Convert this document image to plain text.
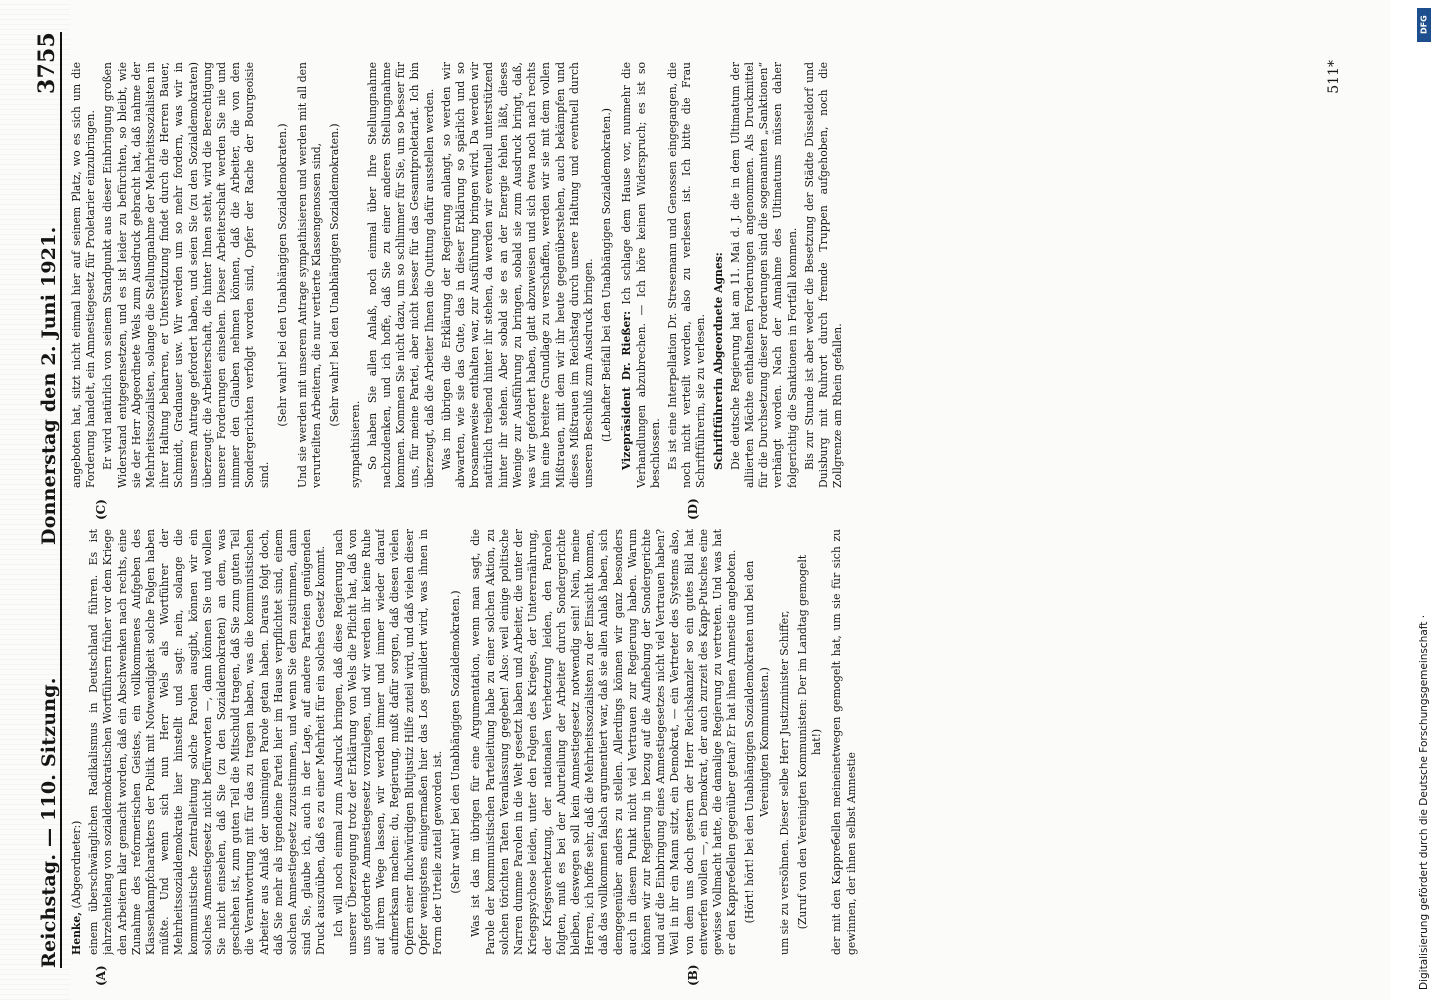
Reichstag. — 110. Sitzung.
Donnerstag den 2. Juni 1921.
3755
(A)	(B)
(C)	(D)

Henke, (Abgeordneter:) einem überschwänglichen Radikalismus in Deutschland führen. Es ist jahrzehntelang von sozialdemokratischen Wortführern früher vor dem Kriege den Arbeitern klar gemacht worden, daß ein Abschwenken nach rechts, eine Zunahme des reformerischen Geistes, ein vollkommenes Aufgeben des Klassenkampfcharakters der Politik mit Notwendigkeit solche Folgen haben müßte. Und wenn sich nun Herr Wels als Wortführer der Mehrheitssozialdemokratie hier hinstellt und sagt: nein, solange die kommunistische Zentralleitung solche Parolen ausgibt, können wir ein solches Amnestiegesetz nicht befürworten —, dann können Sie und wollen Sie nicht einsehen, daß Sie (zu den Sozialdemokraten) an dem, was geschehen ist, zum guten Teil die Mitschuld tragen, daß Sie zum guten Teil die Verantwortung mit für das zu tragen haben, was die kommunistischen Arbeiter aus Anlaß der unsinnigen Parole getan haben. Daraus folgt doch, daß Sie mehr als irgendeine Partei hier im Hause verpflichtet sind, einem solchen Amnestiegesetz zuzustimmen, und wenn Sie dem zustimmen, dann sind Sie, glaube ich, auch in der Lage, auf andere Parteien genügenden Druck auszuüben, daß es zu einer Mehrheit für ein solches Gesetz kommt. Ich will noch einmal zum Ausdruck bringen, daß diese Regierung nach unserer Überzeugung trotz der Erklärung von Wels die Pflicht hat, daß von uns geforderte Amnestiegesetz vorzulegen, und wir werden ihr keine Ruhe auf ihrem Wege lassen, wir werden immer und immer wieder darauf aufmerksam machen: du, Regierung, mußt dafür sorgen, daß diesen vielen Opfern einer fluchwürdigen Blutjustiz Hilfe zuteil wird, und daß vielen dieser Opfer wenigstens einigermaßen hier das Los gemildert wird, was ihnen in Form der Urteile zuteil geworden ist. (Sehr wahr! bei den Unabhängigen Sozialdemokraten.) Was ist das im übrigen für eine Argumentation, wenn man sagt, die Parole der kommunistischen Parteileitung habe zu einer solchen Aktion, zu solchen törichten Taten Veranlassung gegeben! Also: weil einige politische Narren dumme Parolen in die Welt gesetzt haben und Arbeiter, die unter der Kriegspsychose leiden, unter den Folgen des Krieges, der Unterernährung, der Kriegsverhetzung, der nationalen Verhetzung leiden, den Parolen folgten, muß es bei der Aburteilung der Arbeiter durch Sondergerichte bleiben, deswegen soll kein Amnestiegesetz notwendig sein! Nein, meine Herren, ich hoffe sehr, daß die Mehrheitssozialisten zu der Einsicht kommen, daß das vollkommen falsch argumentiert war, daß sie allen Anlaß haben, sich demgegenüber anders zu stellen. Allerdings können wir ganz besonders auch in diesem Punkt nicht viel Vertrauen zur Regierung haben. Warum können wir zur Regierung in bezug auf die Aufhebung der Sondergerichte und auf die Einbringung eines Amnestiegesetzes nicht viel Vertrauen haben? Weil in ihr ein Mann sitzt, ein Demokrat, — ein Vertreter des Systems also, von dem uns doch gestern der Herr Reichskanzler so ein gutes Bild hat entwerfen wollen —, ein Demokrat, der auch zurzeit des Kapp-Putsches eine gewisse Vollmacht hatte, die damalige Regierung zu vertreten. Und was hat er den Kappreбellen gegenüber getan? Er hat ihnen Amnestie angeboten. (Hört! hört! bei den Unabhängigen Sozialdemokraten und bei den Vereinigten Kommunisten.) um sie zu versöhnen. Dieser selbe Herr Justizminister Schiffer, (Zuruf von den Vereinigten Kommunisten: Der im Landtag gemogelt hat!) der mit den Kappreбellen meineinetwegen gemogelt hat, um sie für sich zu gewinnen, der ihnen selbst Amnestie

angeboten hat, sitzt nicht einmal hier auf seinem Platz, wo es sich um die Forderung handelt, ein Amnestiegesetz für Proletarier einzubringen. Er wird natürlich von seinem Standpunkt aus dieser Einbringung großen Widerstand entgegensetzen, und es ist leider zu befürchten, so bleibt, wie sie der Herr Abgeordnete Wels zum Ausdruck gebracht hat, daß nahme der Mehrheitssozialisten, solange die Stellungnahme der Mehrheitssozialisten in ihrer Haltung beharren, er Unterstützung findet durch die Herren Bauer, Schmidt, Gradnauer usw. Wir werden um so mehr fordern, was wir in unserem Antrage gefordert haben, und seien Sie (zu den Sozialdemokraten) überzeugt: die Arbeiterschaft, die hinter Ihnen steht, wird die Berechtigung unserer Forderungen einsehen. Dieser Arbeiterschaft werden Sie nie und nimmer den Glauben nehmen können, daß die Arbeiter, die von den Sondergerichten verfolgt worden sind, Opfer der Rache der Bourgeoisie sind.

(Sehr wahr! bei den Unabhängigen Sozialdemokraten.) Und sie werden mit unserem Antrage sympathisieren und werden mit all den verurteilten Arbeitern, die nur vertierte Klassengenossen sind, (Sehr wahr! bei den Unabhängigen Sozialdemokraten.)

sympathisieren. So haben Sie allen Anlaß, noch einmal über Ihre Stellungnahme nachzudenken, und ich hoffe, daß Sie zu einer anderen Stellungnahme kommen. Kommen Sie nicht dazu, um so schlimmer für Sie, um so besser für uns, für meine Partei, aber nicht besser für das Gesamtproletariat. Ich bin überzeugt, daß die Arbeiter Ihnen die Quittung dafür ausstellen werden. Was im übrigen die Erklärung der Regierung anlangt, so werden wir abwarten, wie sie das Gute, das in dieser Erklärung so spärlich und so brosamenweise enthalten war, zur Ausführung bringen wird. Da werden wir natürlich treibend hinter ihr stehen, da werden wir eventuell unterstützend hinter ihr stehen. Aber sobald sie es an der Energie fehlen läßt, dieses Wenige zur Ausführung zu bringen, sobald sie zum Ausdruck bringt, daß, was wir gefordert haben, glatt abzuweisen und sich etwa noch nach rechts hin eine breitere Grundlage zu verschaffen, werden wir sie mit dem vollen Mißtrauen, mit dem wir ihr heute gegenüberstehen, auch bekämpfen und dieses Mißtrauen im Reichstag durch unsere Haltung und eventuell durch unseren Beschluß zum Ausdruck bringen. (Lebhafter Beifall bei den Unabhängigen Sozialdemokraten.) Vizepräsident Dr. Rießer: Ich schlage dem Hause vor, nunmehr die Verhandlungen abzubrechen. — Ich höre keinen Widerspruch; es ist so beschlossen. Es ist eine Interpellation Dr. Stresemann und Genossen eingegangen, die noch nicht verteilt worden, also zu verlesen ist. Ich bitte die Frau Schriftführerin, sie zu verlesen. Schriftführerin Abgeordnete Agnes: Die deutsche Regierung hat am 11. Mai d. J. die in dem Ultimatum der alliierten Mächte enthaltenen Forderungen angenommen. Als Druckmittel für die Durchsetzung dieser Forderungen sind die sogenannten „Sanktionen“ verhängt worden. Nach der Annahme des Ultimatums müssen daher folgerichtig die Sanktionen in Fortfall kommen. Bis zur Stunde ist aber weder die Besetzung der Städte Düsseldorf und Duisburg mit Ruhrort durch fremde Truppen aufgehoben, noch die Zollgrenze am Rhein gefallen.

511*
DFG
Digitalisierung gefördert durch die Deutsche Forschungsgemeinschaft ·
